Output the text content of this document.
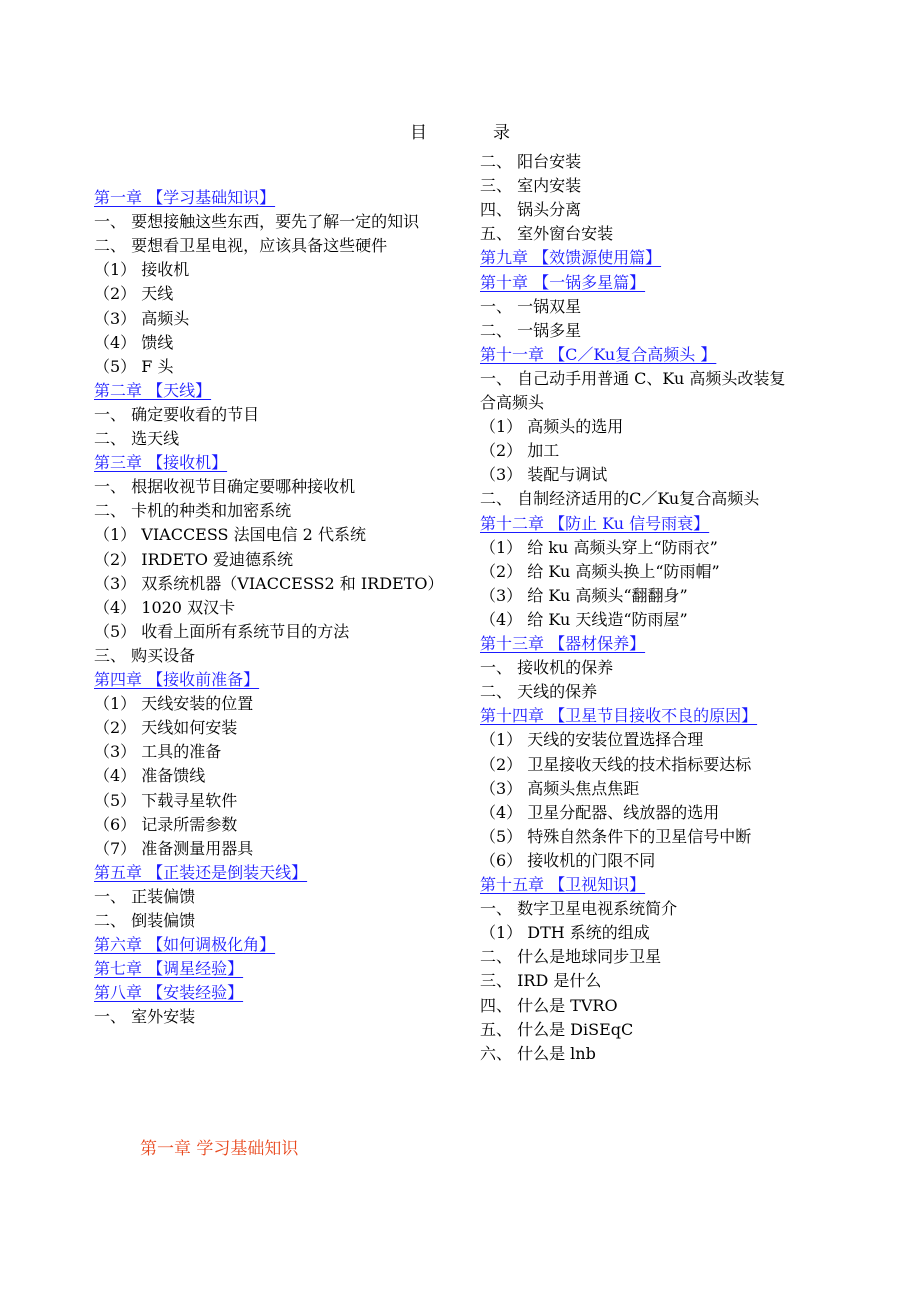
目	录
第一章 【学习基础知识】
一、 要想接触这些东西，要先了解一定的知识
二、 要想看卫星电视，应该具备这些硬件
（1） 接收机
（2） 天线
（3） 高频头
（4） 馈线
（5） F 头
第二章 【天线】
一、 确定要收看的节目
二、 选天线
第三章 【接收机】
一、 根据收视节目确定要哪种接收机
二、 卡机的种类和加密系统
（1） VIACCESS 法国电信 2 代系统
（2） IRDETO 爱迪德系统
（3） 双系统机器（VIACCESS2 和 IRDETO）
（4） 1020 双汉卡
（5） 收看上面所有系统节目的方法
三、 购买设备
第四章 【接收前准备】
（1） 天线安装的位置
（2） 天线如何安装
（3） 工具的准备
（4） 准备馈线
（5） 下载寻星软件
（6） 记录所需参数
（7） 准备测量用器具
第五章 【正装还是倒装天线】
一、 正装偏馈
二、 倒装偏馈
第六章 【如何调极化角】
第七章 【调星经验】
第八章 【安装经验】
一、 室外安装
二、 阳台安装
三、 室内安装
四、 锅头分离
五、 室外窗台安装
第九章 【效馈源使用篇】
第十章 【一锅多星篇】
一、 一锅双星
二、 一锅多星
第十一章 【C／Ku复合高频头 】
一、 自己动手用普通 C、Ku 高频头改装复
合高频头
（1） 高频头的选用
（2） 加工
（3） 装配与调试
二、 自制经济适用的C／Ku复合高频头
第十二章 【防止 Ku 信号雨衰】
（1） 给 ku 高频头穿上“防雨衣”
（2） 给 Ku 高频头换上“防雨帽”
（3） 给 Ku 高频头“翻翻身”
（4） 给 Ku 天线造“防雨屋”
第十三章 【器材保养】
一、 接收机的保养
二、 天线的保养
第十四章 【卫星节目接收不良的原因】
（1） 天线的安装位置选择合理
（2） 卫星接收天线的技术指标要达标
（3） 高频头焦点焦距
（4） 卫星分配器、线放器的选用
（5） 特殊自然条件下的卫星信号中断
（6） 接收机的门限不同
第十五章 【卫视知识】
一、 数字卫星电视系统简介
（1） DTH 系统的组成
二、 什么是地球同步卫星
三、 IRD 是什么
四、 什么是 TVRO
五、 什么是 DiSEqC
六、 什么是 lnb
第一章 学习基础知识
